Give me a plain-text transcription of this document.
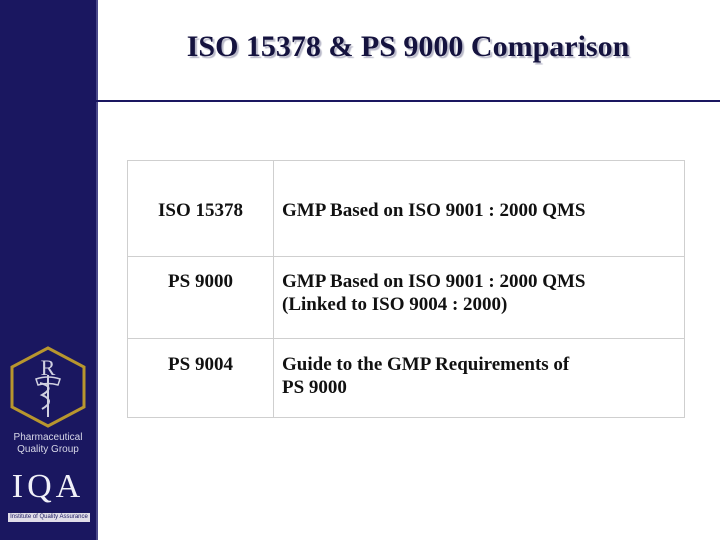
ISO 15378 & PS 9000 Comparison
R
Pharmaceutical
Quality Group
IQA
Institute of Quality Assurance
ISO 15378	GMP Based on ISO 9001 : 2000 QMS

PS 9000	GMP Based on ISO 9001 : 2000 QMS
(Linked to ISO 9004 : 2000)

PS 9004	Guide to the GMP Requirements of
PS 9000
